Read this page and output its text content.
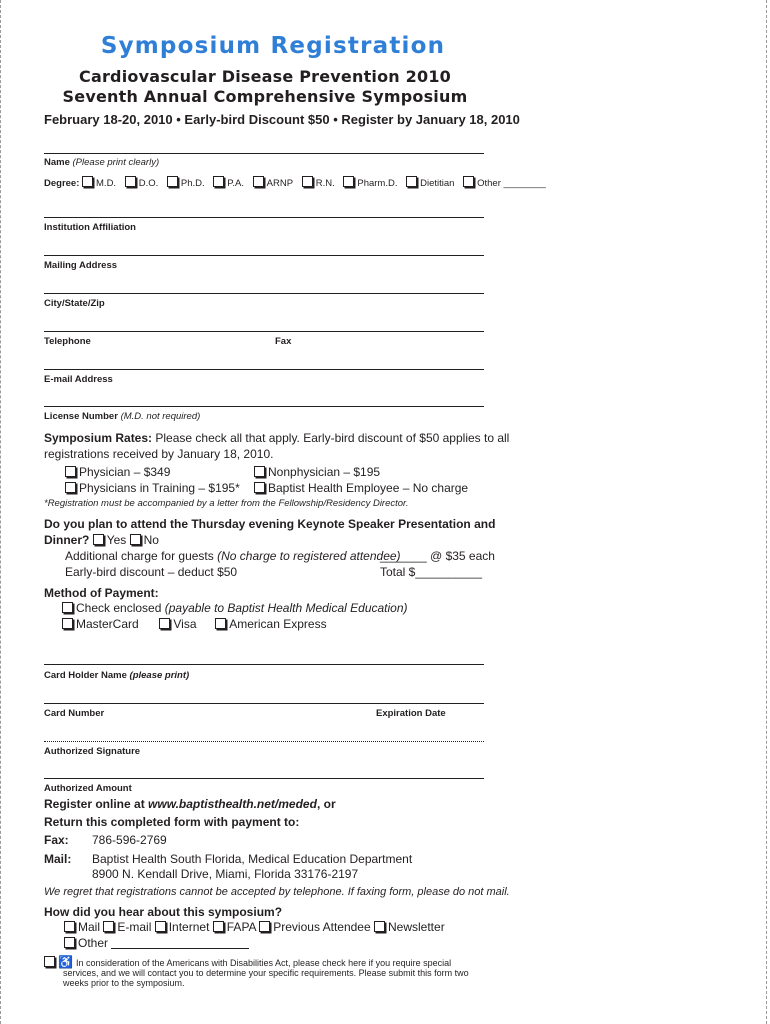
Symposium Registration
Cardiovascular Disease Prevention 2010
Seventh Annual Comprehensive Symposium
February 18-20, 2010 • Early-bird Discount $50 • Register by January 18, 2010
Name (Please print clearly)
Degree: M.D. D.O. Ph.D. P.A. ARNP R.N. Pharm.D. Dietitian Other ________
Institution Affiliation
Mailing Address
City/State/Zip
Telephone	Fax
E-mail Address
License Number (M.D. not required)
Symposium Rates: Please check all that apply. Early-bird discount of $50 applies to all
registrations received by January 18, 2010.
Physician – $349	Nonphysician – $195
Physicians in Training – $195*	Baptist Health Employee – No charge
*Registration must be accompanied by a letter from the Fellowship/Residency Director.
Do you plan to attend the Thursday evening Keynote Speaker Presentation and
Dinner? Yes No
Additional charge for guests (No charge to registered attendee)
_______ @ $35 each
Early-bird discount – deduct $50	Total $__________
Method of Payment:
Check enclosed (payable to Baptist Health Medical Education)
MasterCard	Visa	American Express
Card Holder Name (please print)
Card Number	Expiration Date
Authorized Signature
Authorized Amount
Register online at www.baptisthealth.net/meded, or
Return this completed form with payment to:
Fax: 786-596-2769
Mail: Baptist Health South Florida, Medical Education Department
8900 N. Kendall Drive, Miami, Florida 33176-2197
We regret that registrations cannot be accepted by telephone. If faxing form, please do not mail.
How did you hear about this symposium?
Mail E-mail Internet FAPA Previous Attendee Newsletter
Other
♿ In consideration of the Americans with Disabilities Act, please check here if you require special
services, and we will contact you to determine your specific requirements. Please submit this form two
weeks prior to the symposium.
